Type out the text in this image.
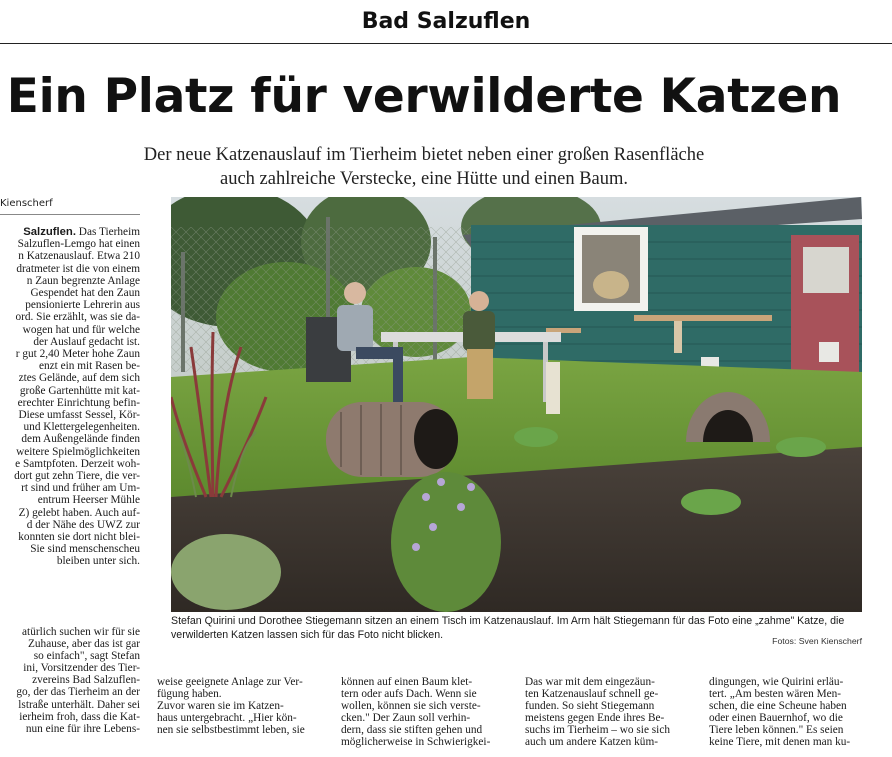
Bad Salzuflen
Ein Platz für verwilderte Katzen
Der neue Katzenauslauf im Tierheim bietet neben einer großen Rasenfläche
auch zahlreiche Verstecke, eine Hütte und einen Baum.
Kienscherf

Salzuflen. Das Tierheim

Salzuflen-Lemgo hat einen

n Katzenauslauf. Etwa 210

dratmeter ist die von einem

n Zaun begrenzte Anlage

Gespendet hat den Zaun

pensionierte Lehrerin aus

ord. Sie erzählt, was sie da-

wogen hat und für welche

der Auslauf gedacht ist.

r gut 2,40 Meter hohe Zaun

enzt ein mit Rasen be-

ztes Gelände, auf dem sich

große Gartenhütte mit kat-

erechter Einrichtung befin-

Diese umfasst Sessel, Kör-

und Klettergelegenheiten.

dem Außengelände finden

weitere Spielmöglichkeiten

e Samtpfoten. Derzeit woh-

dort gut zehn Tiere, die ver-

rt sind und früher am Um-

entrum Heerser Mühle

Z) gelebt haben. Auch auf-

d der Nähe des UWZ zur

konnten sie dort nicht blei-

Sie sind menschenscheu

bleiben unter sich.

atürlich suchen wir für sie

Zuhause, aber das ist gar

so einfach", sagt Stefan

ini, Vorsitzender des Tier-

zvereins Bad Salzuflen-

go, der das Tierheim an der

lstraße unterhält. Daher sei

ierheim froh, dass die Kat-

nun eine für ihre Lebens-

Stefan Quirini und Dorothee Stiegemann sitzen an einem Tisch im Katzenauslauf. Im Arm hält Stiegemann für das Foto eine „zahme" Katze, die verwilderten Katzen lassen sich für das Foto nicht blicken.	Fotos: Sven Kienscherf

weise geeignete Anlage zur Ver-

fügung haben.

Zuvor waren sie im Katzen-

haus untergebracht. „Hier kön-

nen sie selbstbestimmt leben, sie

können auf einen Baum klet-

tern oder aufs Dach. Wenn sie

wollen, können sie sich verste-

cken." Der Zaun soll verhin-

dern, dass sie stiften gehen und

möglicherweise in Schwierigkei-

Das war mit dem eingezäun-

ten Katzenauslauf schnell ge-

funden. So sieht Stiegemann

meistens gegen Ende ihres Be-

suchs im Tierheim – wo sie sich

auch um andere Katzen küm-

dingungen, wie Quirini erläu-

tert. „Am besten wären Men-

schen, die eine Scheune haben

oder einen Bauernhof, wo die

Tiere leben können." Es seien

keine Tiere, mit denen man ku-
